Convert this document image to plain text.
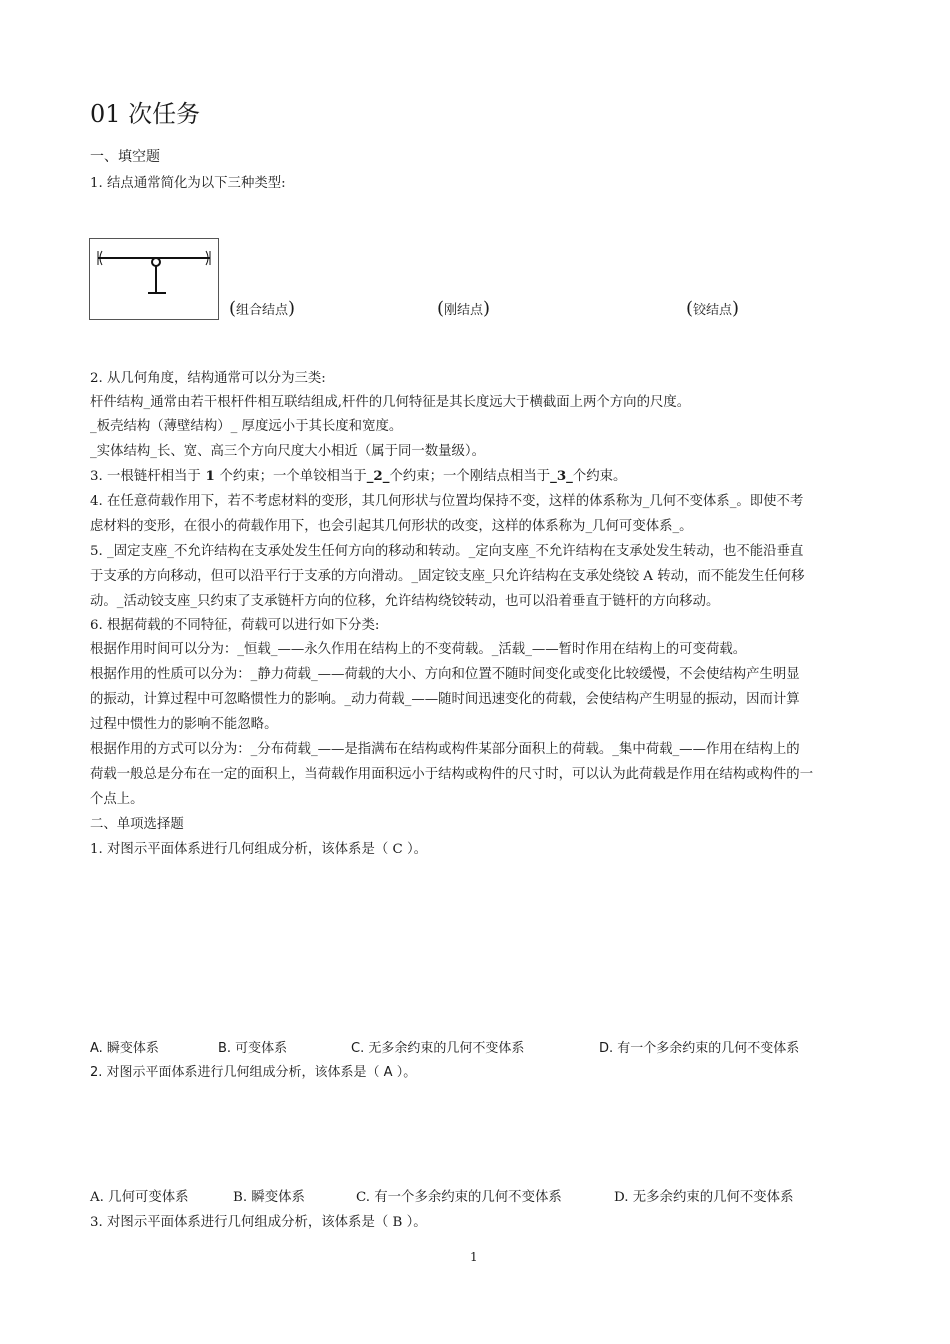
01 次任务
一、填空题
1. 结点通常简化为以下三种类型:
(组合结点)	(刚结点)	(铰结点)
2. 从几何角度，结构通常可以分为三类:
杆件结构_通常由若干根杆件相互联结组成,杆件的几何特征是其长度远大于横截面上两个方向的尺度。
_板壳结构（薄壁结构）_ 厚度远小于其长度和宽度。
_实体结构_长、宽、高三个方向尺度大小相近（属于同一数量级）。
3. 一根链杆相当于 1 个约束；一个单铰相当于_2_个约束；一个刚结点相当于_3_个约束。
4. 在任意荷载作用下，若不考虑材料的变形，其几何形状与位置均保持不变，这样的体系称为_几何不变体系_。即使不考
虑材料的变形，在很小的荷载作用下，也会引起其几何形状的改变，这样的体系称为_几何可变体系_。
5. _固定支座_不允许结构在支承处发生任何方向的移动和转动。_定向支座_不允许结构在支承处发生转动，也不能沿垂直
于支承的方向移动，但可以沿平行于支承的方向滑动。_固定铰支座_只允许结构在支承处绕铰 A 转动，而不能发生任何移
动。_活动铰支座_只约束了支承链杆方向的位移，允许结构绕铰转动，也可以沿着垂直于链杆的方向移动。
6. 根据荷载的不同特征，荷载可以进行如下分类:
根据作用时间可以分为：_恒载_——永久作用在结构上的不变荷载。_活载_——暂时作用在结构上的可变荷载。
根据作用的性质可以分为：_静力荷载_——荷载的大小、方向和位置不随时间变化或变化比较缓慢，不会使结构产生明显
的振动，计算过程中可忽略惯性力的影响。_动力荷载_——随时间迅速变化的荷载，会使结构产生明显的振动，因而计算
过程中惯性力的影响不能忽略。
根据作用的方式可以分为：_分布荷载_——是指满布在结构或构件某部分面积上的荷载。_集中荷载_——作用在结构上的
荷载一般总是分布在一定的面积上，当荷载作用面积远小于结构或构件的尺寸时，可以认为此荷载是作用在结构或构件的一
个点上。
二、单项选择题
1. 对图示平面体系进行几何组成分析，该体系是（ C ）。
A. 瞬变体系	B. 可变体系	C. 无多余约束的几何不变体系	D. 有一个多余约束的几何不变体系
2. 对图示平面体系进行几何组成分析，该体系是（ A ）。
A. 几何可变体系	B. 瞬变体系	C. 有一个多余约束的几何不变体系	D. 无多余约束的几何不变体系
3. 对图示平面体系进行几何组成分析，该体系是（ B ）。
1
